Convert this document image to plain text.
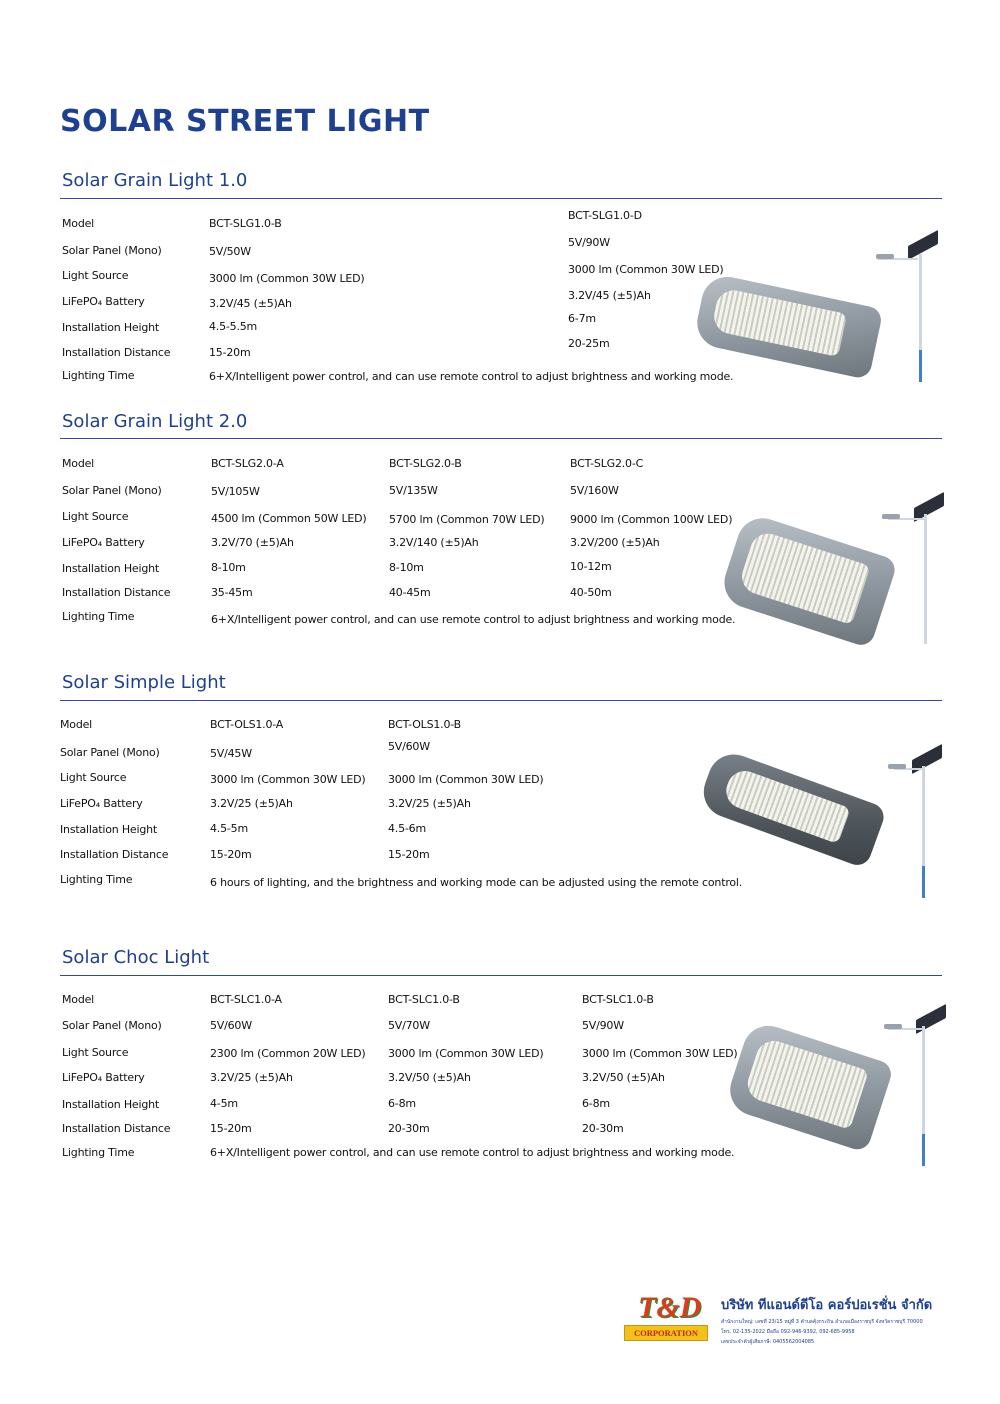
SOLAR STREET LIGHT
Solar Grain Light 1.0
Model
Solar Panel (Mono)
Light Source
LiFePO₄ Battery
Installation Height
Installation Distance
Lighting Time
BCT-SLG1.0-B
5V/50W
3000 lm (Common 30W LED)
3.2V/45 (±5)Ah
4.5-5.5m
15-20m
BCT-SLG1.0-D
5V/90W
3000 lm (Common 30W LED)
3.2V/45 (±5)Ah
6-7m
20-25m
6+X/Intelligent power control, and can use remote control to adjust brightness and working mode.
Solar Grain Light 2.0
Model
Solar Panel (Mono)
Light Source
LiFePO₄ Battery
Installation Height
Installation Distance
Lighting Time
BCT-SLG2.0-A
5V/105W
4500 lm (Common 50W LED)
3.2V/70 (±5)Ah
8-10m
35-45m
BCT-SLG2.0-B
5V/135W
5700 lm (Common 70W LED)
3.2V/140 (±5)Ah
8-10m
40-45m
BCT-SLG2.0-C
5V/160W
9000 lm (Common 100W LED)
3.2V/200 (±5)Ah
10-12m
40-50m
6+X/Intelligent power control, and can use remote control to adjust brightness and working mode.
Solar Simple Light
Model
Solar Panel (Mono)
Light Source
LiFePO₄ Battery
Installation Height
Installation Distance
Lighting Time
BCT-OLS1.0-A
5V/45W
3000 lm (Common 30W LED)
3.2V/25 (±5)Ah
4.5-5m
15-20m
BCT-OLS1.0-B
5V/60W
3000 lm (Common 30W LED)
3.2V/25 (±5)Ah
4.5-6m
15-20m
6 hours of lighting, and the brightness and working mode can be adjusted using the remote control.
Solar Choc Light
Model
Solar Panel (Mono)
Light Source
LiFePO₄ Battery
Installation Height
Installation Distance
Lighting Time
BCT-SLC1.0-A
5V/60W
2300 lm (Common 20W LED)
3.2V/25 (±5)Ah
4-5m
15-20m
BCT-SLC1.0-B
5V/70W
3000 lm (Common 30W LED)
3.2V/50 (±5)Ah
6-8m
20-30m
BCT-SLC1.0-B
5V/90W
3000 lm (Common 30W LED)
3.2V/50 (±5)Ah
6-8m
20-30m
6+X/Intelligent power control, and can use remote control to adjust brightness and working mode.
T&D
CORPORATION
บริษัท ทีแอนด์ดีโอ คอร์ปอเรชั่น จำกัด
สำนักงานใหญ่: เลขที่ 23/15 หมู่ที่ 3 ตำบลคุ้งกระถิน อำเภอเมืองราชบุรี จังหวัดราชบุรี 70000
โทร. 02-135-2022 มือถือ 092-946-9392, 092-685-9958
เลขประจำตัวผู้เสียภาษี: 0405562004085
